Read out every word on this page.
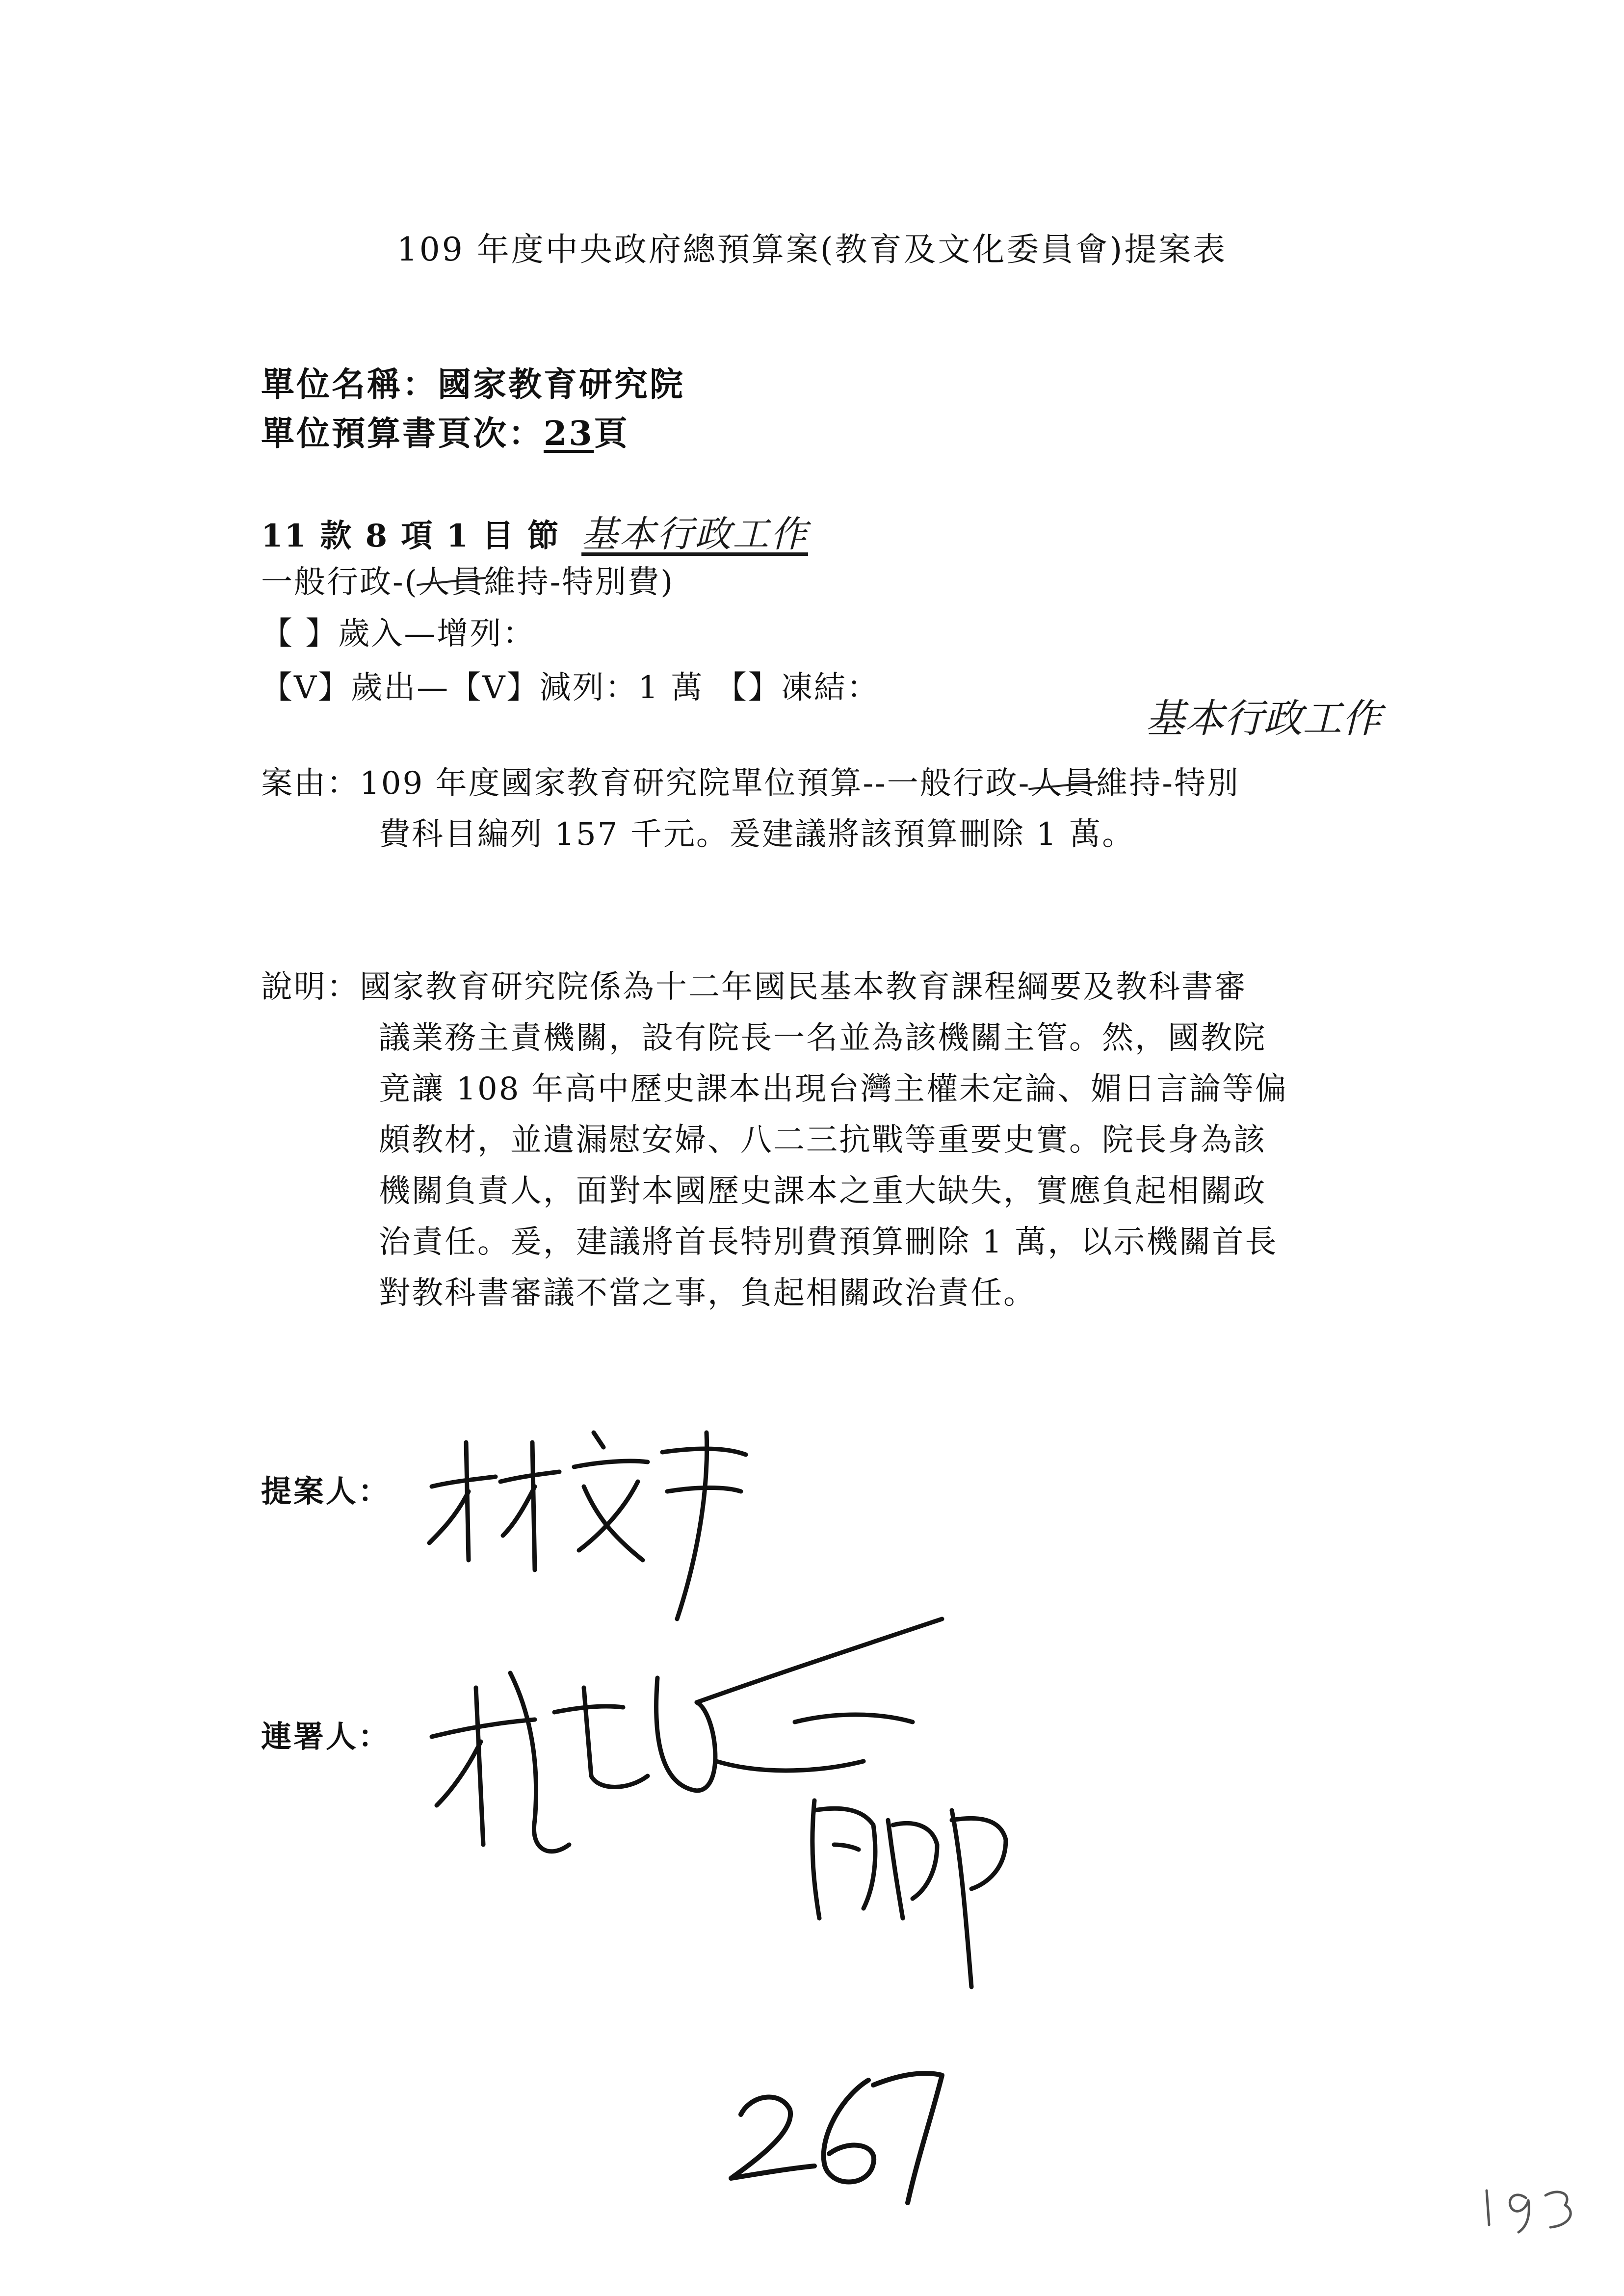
109 年度中央政府總預算案(教育及文化委員會)提案表
單位名稱：國家教育研究院
單位預算書頁次：23頁
11 款 8 項 1 目 節 基本行政工作
一般行政-(人員維持-特別費)
【 】歲入—增列：
【V】歲出—【V】減列：1 萬 【】凍結：
基本行政工作
案由：109 年度國家教育研究院單位預算--一般行政-人員維持-特別
費科目編列 157 千元。爰建議將該預算刪除 1 萬。
說明：國家教育研究院係為十二年國民基本教育課程綱要及教科書審
議業務主責機關，設有院長一名並為該機關主管。然，國教院
竟讓 108 年高中歷史課本出現台灣主權未定論、媚日言論等偏
頗教材，並遺漏慰安婦、八二三抗戰等重要史實。院長身為該
機關負責人，面對本國歷史課本之重大缺失，實應負起相關政
治責任。爰，建議將首長特別費預算刪除 1 萬，以示機關首長
對教科書審議不當之事，負起相關政治責任。
提案人：
連署人：
